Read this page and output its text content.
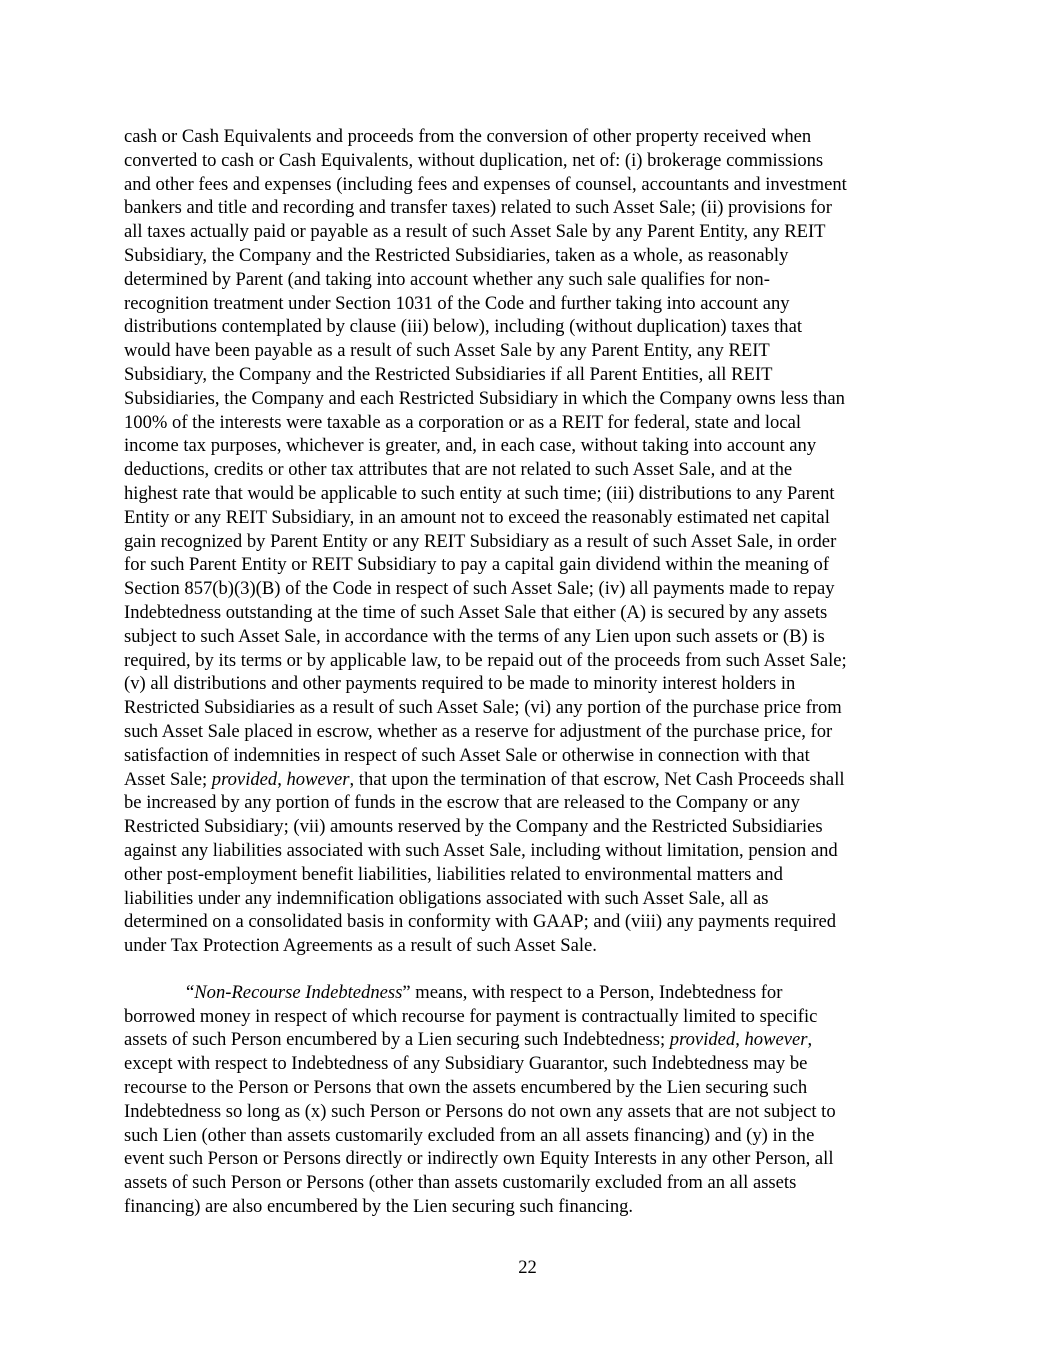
cash or Cash Equivalents and proceeds from the conversion of other property received when
converted to cash or Cash Equivalents, without duplication, net of: (i) brokerage commissions
and other fees and expenses (including fees and expenses of counsel, accountants and investment
bankers and title and recording and transfer taxes) related to such Asset Sale; (ii) provisions for
all taxes actually paid or payable as a result of such Asset Sale by any Parent Entity, any REIT
Subsidiary, the Company and the Restricted Subsidiaries, taken as a whole, as reasonably
determined by Parent (and taking into account whether any such sale qualifies for non-
recognition treatment under Section 1031 of the Code and further taking into account any
distributions contemplated by clause (iii) below), including (without duplication) taxes that
would have been payable as a result of such Asset Sale by any Parent Entity, any REIT
Subsidiary, the Company and the Restricted Subsidiaries if all Parent Entities, all REIT
Subsidiaries, the Company and each Restricted Subsidiary in which the Company owns less than
100% of the interests were taxable as a corporation or as a REIT for federal, state and local
income tax purposes, whichever is greater, and, in each case, without taking into account any
deductions, credits or other tax attributes that are not related to such Asset Sale, and at the
highest rate that would be applicable to such entity at such time; (iii) distributions to any Parent
Entity or any REIT Subsidiary, in an amount not to exceed the reasonably estimated net capital
gain recognized by Parent Entity or any REIT Subsidiary as a result of such Asset Sale, in order
for such Parent Entity or REIT Subsidiary to pay a capital gain dividend within the meaning of
Section 857(b)(3)(B) of the Code in respect of such Asset Sale; (iv) all payments made to repay
Indebtedness outstanding at the time of such Asset Sale that either (A) is secured by any assets
subject to such Asset Sale, in accordance with the terms of any Lien upon such assets or (B) is
required, by its terms or by applicable law, to be repaid out of the proceeds from such Asset Sale;
(v) all distributions and other payments required to be made to minority interest holders in
Restricted Subsidiaries as a result of such Asset Sale; (vi) any portion of the purchase price from
such Asset Sale placed in escrow, whether as a reserve for adjustment of the purchase price, for
satisfaction of indemnities in respect of such Asset Sale or otherwise in connection with that
Asset Sale; provided, however, that upon the termination of that escrow, Net Cash Proceeds shall
be increased by any portion of funds in the escrow that are released to the Company or any
Restricted Subsidiary; (vii) amounts reserved by the Company and the Restricted Subsidiaries
against any liabilities associated with such Asset Sale, including without limitation, pension and
other post-employment benefit liabilities, liabilities related to environmental matters and
liabilities under any indemnification obligations associated with such Asset Sale, all as
determined on a consolidated basis in conformity with GAAP; and (viii) any payments required
under Tax Protection Agreements as a result of such Asset Sale.
“Non-Recourse Indebtedness” means, with respect to a Person, Indebtedness for
borrowed money in respect of which recourse for payment is contractually limited to specific
assets of such Person encumbered by a Lien securing such Indebtedness; provided, however,
except with respect to Indebtedness of any Subsidiary Guarantor, such Indebtedness may be
recourse to the Person or Persons that own the assets encumbered by the Lien securing such
Indebtedness so long as (x) such Person or Persons do not own any assets that are not subject to
such Lien (other than assets customarily excluded from an all assets financing) and (y) in the
event such Person or Persons directly or indirectly own Equity Interests in any other Person, all
assets of such Person or Persons (other than assets customarily excluded from an all assets
financing) are also encumbered by the Lien securing such financing.
22
